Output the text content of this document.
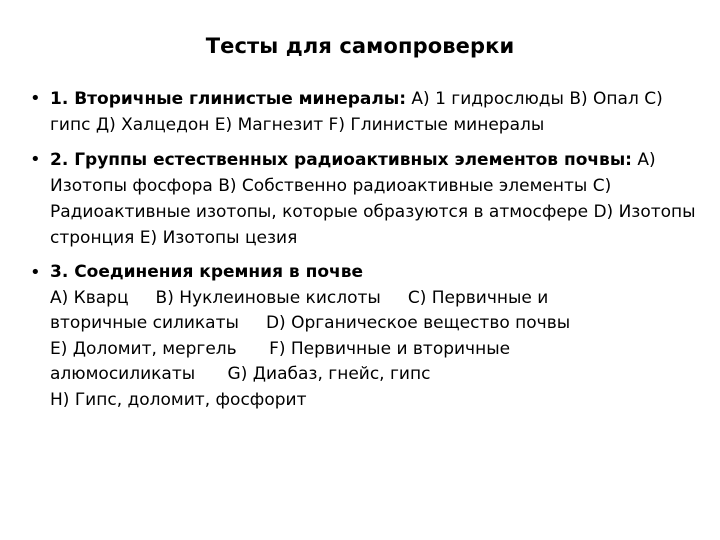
Тесты для самопроверки
• 1. Вторичные глинистые минералы: А) 1 гидрослюды В) Опал С) гипс Д) Халцедон Е) Магнезит F) Глинистые минералы
• 2. Группы естественных радиоактивных элементов почвы: А) Изотопы фосфора В) Собственно радиоактивные элементы С) Радиоактивные изотопы, которые образуются в атмосфере D) Изотопы стронция Е) Изотопы цезия
• 3. Соединения кремния в почве
А) Кварц     В) Нуклеиновые кислоты     С) Первичные и
вторичные силикаты     D) Органическое вещество почвы
Е) Доломит, мергель      F) Первичные и вторичные
алюмосиликаты      G) Диабаз, гнейс, гипс
Н) Гипс, доломит, фосфорит
